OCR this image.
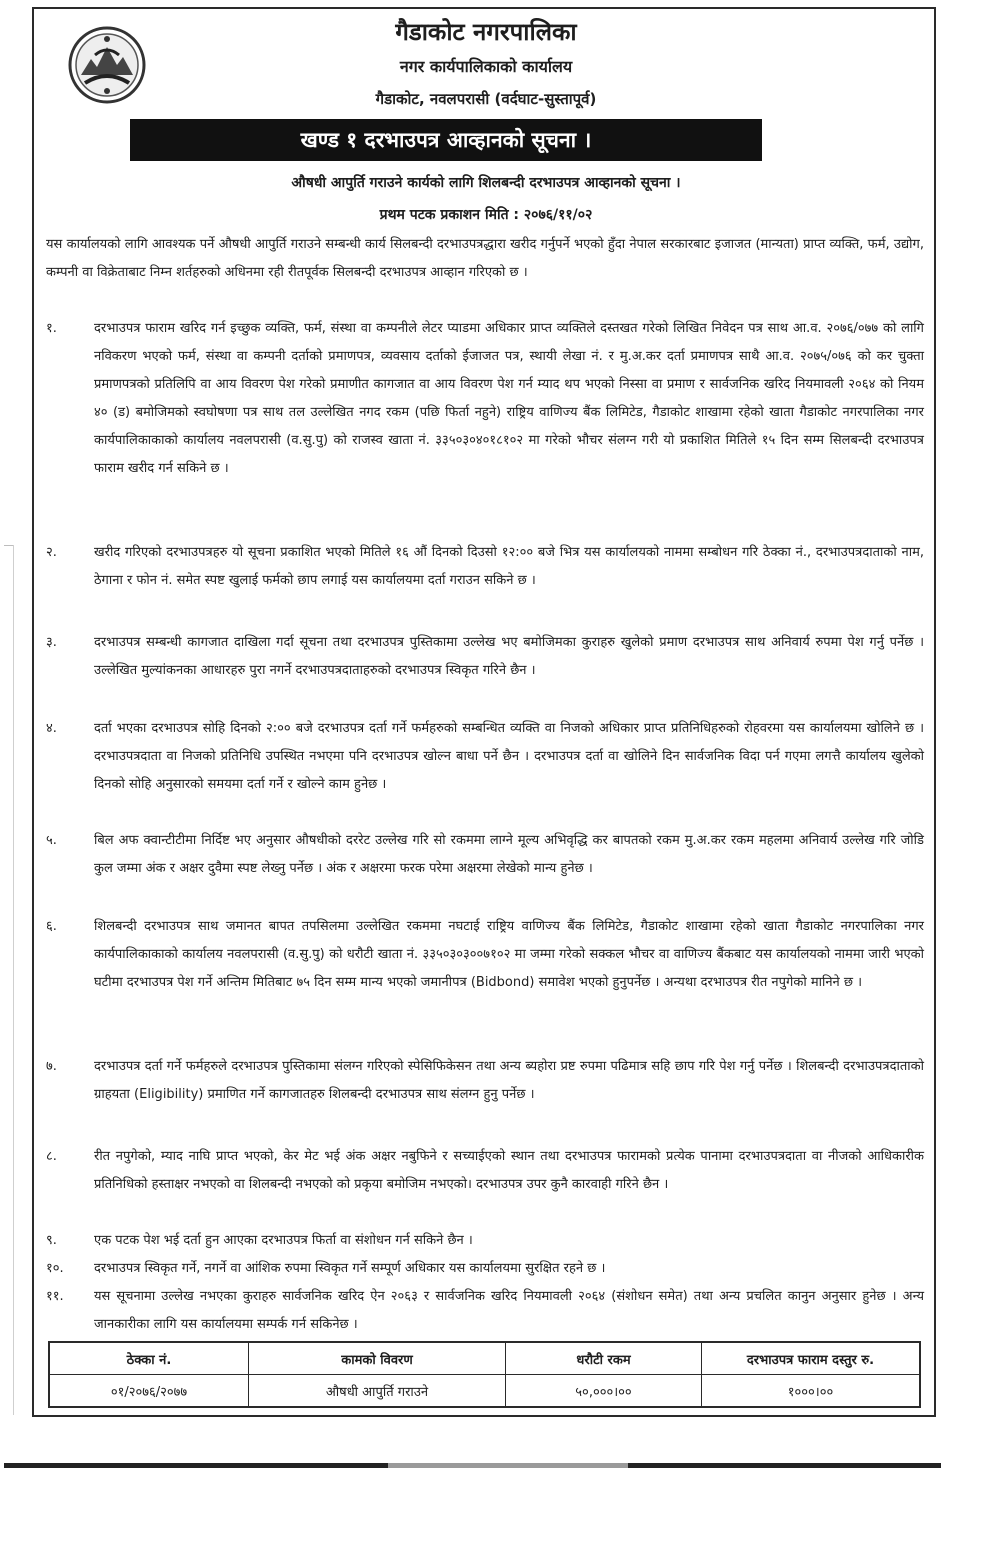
गैडाकोट नगरपालिका
नगर कार्यपालिकाको कार्यालय
गैडाकोट, नवलपरासी (वर्दघाट-सुस्तापूर्व)
खण्ड १ दरभाउपत्र आव्हानको सूचना ।
औषधी आपुर्ति गराउने कार्यको लागि शिलबन्दी दरभाउपत्र आव्हानको सूचना ।
प्रथम पटक प्रकाशन मिति : २०७६/११/०२
यस कार्यालयको लागि आवश्यक पर्ने औषधी आपुर्ति गराउने सम्बन्धी कार्य सिलबन्दी दरभाउपत्रद्धारा खरीद गर्नुपर्ने भएको हुँदा नेपाल सरकारबाट इजाजत (मान्यता) प्राप्त व्यक्ति, फर्म, उद्योग, कम्पनी वा विक्रेताबाट निम्न शर्तहरुको अधिनमा रही रीतपूर्वक सिलबन्दी दरभाउपत्र आव्हान गरिएको छ ।
१.	दरभाउपत्र फाराम खरिद गर्न इच्छुक व्यक्ति, फर्म, संस्था वा कम्पनीले लेटर प्याडमा अधिकार प्राप्त व्यक्तिले दस्तखत गरेको लिखित निवेदन पत्र साथ आ.व. २०७६/०७७ को लागि नविकरण भएको फर्म, संस्था वा कम्पनी दर्ताको प्रमाणपत्र, व्यवसाय दर्ताको ईजाजत पत्र, स्थायी लेखा नं. र मु.अ.कर दर्ता प्रमाणपत्र साथै आ.व. २०७५/०७६ को कर चुक्ता प्रमाणपत्रको प्रतिलिपि वा आय विवरण पेश गरेको प्रमाणीत कागजात वा आय विवरण पेश गर्न म्याद थप भएको निस्सा वा प्रमाण र सार्वजनिक खरिद नियमावली २०६४ को नियम ४० (ड) बमोजिमको स्वघोषणा पत्र साथ तल उल्लेखित नगद रकम (पछि फिर्ता नहुने) राष्ट्रिय वाणिज्य बैंक लिमिटेड, गैडाकोट शाखामा रहेको खाता गैडाकोट नगरपालिका नगर कार्यपालिकाकाको कार्यालय नवलपरासी (व.सु.पु) को राजस्व खाता नं. ३३५०३०४०१८१०२ मा गरेको भौचर संलग्न गरी यो प्रकाशित मितिले १५ दिन सम्म सिलबन्दी दरभाउपत्र फाराम खरीद गर्न सकिने छ ।
२.	खरीद गरिएको दरभाउपत्रहरु यो सूचना प्रकाशित भएको मितिले १६ औं दिनको दिउसो १२:०० बजे भित्र यस कार्यालयको नाममा सम्बोधन गरि ठेक्का नं., दरभाउपत्रदाताको नाम, ठेगाना र फोन नं. समेत स्पष्ट खुलाई फर्मको छाप लगाई यस कार्यालयमा दर्ता गराउन सकिने छ ।
३.	दरभाउपत्र सम्बन्धी कागजात दाखिला गर्दा सूचना तथा दरभाउपत्र पुस्तिकामा उल्लेख भए बमोजिमका कुराहरु खुलेको प्रमाण दरभाउपत्र साथ अनिवार्य रुपमा पेश गर्नु पर्नेछ । उल्लेखित मुल्यांकनका आधारहरु पुरा नगर्ने दरभाउपत्रदाताहरुको दरभाउपत्र स्विकृत गरिने छैन ।
४.	दर्ता भएका दरभाउपत्र सोहि दिनको २:०० बजे दरभाउपत्र दर्ता गर्ने फर्महरुको सम्बन्धित व्यक्ति वा निजको अधिकार प्राप्त प्रतिनिधिहरुको रोहवरमा यस कार्यालयमा खोलिने छ । दरभाउपत्रदाता वा निजको प्रतिनिधि उपस्थित नभएमा पनि दरभाउपत्र खोल्न बाधा पर्ने छैन । दरभाउपत्र दर्ता वा खोलिने दिन सार्वजनिक विदा पर्न गएमा लगत्तै कार्यालय खुलेको दिनको सोहि अनुसारको समयमा दर्ता गर्ने र खोल्ने काम हुनेछ ।
५.	बिल अफ क्वान्टीटीमा निर्दिष्ट भए अनुसार औषधीको दररेट उल्लेख गरि सो रकममा लाग्ने मूल्य अभिवृद्धि कर बापतको रकम मु.अ.कर रकम महलमा अनिवार्य उल्लेख गरि जोडि कुल जम्मा अंक र अक्षर दुवैमा स्पष्ट लेख्नु पर्नेछ । अंक र अक्षरमा फरक परेमा अक्षरमा लेखेको मान्य हुनेछ ।
६.	शिलबन्दी दरभाउपत्र साथ जमानत बापत तपसिलमा उल्लेखित रकममा नघटाई राष्ट्रिय वाणिज्य बैंक लिमिटेड, गैडाकोट शाखामा रहेको खाता गैडाकोट नगरपालिका नगर कार्यपालिकाकाको कार्यालय नवलपरासी (व.सु.पु) को धरौटी खाता नं. ३३५०३०३००७१०२ मा जम्मा गरेको सक्कल भौचर वा वाणिज्य बैंकबाट यस कार्यालयको नाममा जारी भएको घटीमा दरभाउपत्र पेश गर्ने अन्तिम मितिबाट ७५ दिन सम्म मान्य भएको जमानीपत्र (Bidbond) समावेश भएको हुनुपर्नेछ । अन्यथा दरभाउपत्र रीत नपुगेको मानिने छ ।
७.	दरभाउपत्र दर्ता गर्ने फर्महरुले दरभाउपत्र पुस्तिकामा संलग्न गरिएको स्पेसिफिकेसन तथा अन्य ब्यहोरा प्रष्ट रुपमा पढिमात्र सहि छाप गरि पेश गर्नु पर्नेछ । शिलबन्दी दरभाउपत्रदाताको ग्राहयता (Eligibility) प्रमाणित गर्ने कागजातहरु शिलबन्दी दरभाउपत्र साथ संलग्न हुनु पर्नेछ ।
८.	रीत नपुगेको, म्याद नाघि प्राप्त भएको, केर मेट भई अंक अक्षर नबुफिने र सच्याईएको स्थान तथा दरभाउपत्र फारामको प्रत्येक पानामा दरभाउपत्रदाता वा नीजको आधिकारीक प्रतिनिधिको हस्ताक्षर नभएको वा शिलबन्दी नभएको को प्रकृया बमोजिम नभएको। दरभाउपत्र उपर कुनै कारवाही गरिने छैन ।
९.	एक पटक पेश भई दर्ता हुन आएका दरभाउपत्र फिर्ता वा संशोधन गर्न सकिने छैन ।
१०.	दरभाउपत्र स्विकृत गर्ने, नगर्ने वा आंशिक रुपमा स्विकृत गर्ने सम्पूर्ण अधिकार यस कार्यालयमा सुरक्षित रहने छ ।
११.	यस सूचनामा उल्लेख नभएका कुराहरु सार्वजनिक खरिद ऐन २०६३ र सार्वजनिक खरिद नियमावली २०६४ (संशोधन समेत) तथा अन्य प्रचलित कानुन अनुसार हुनेछ । अन्य जानकारीका लागि यस कार्यालयमा सम्पर्क गर्न सकिनेछ ।
ठेक्का नं.	कामको विवरण	धरौटी रकम	दरभाउपत्र फाराम दस्तुर रु.
०१/२०७६/२०७७	औषधी आपुर्ति गराउने	५०,०००।००	१०००।००
